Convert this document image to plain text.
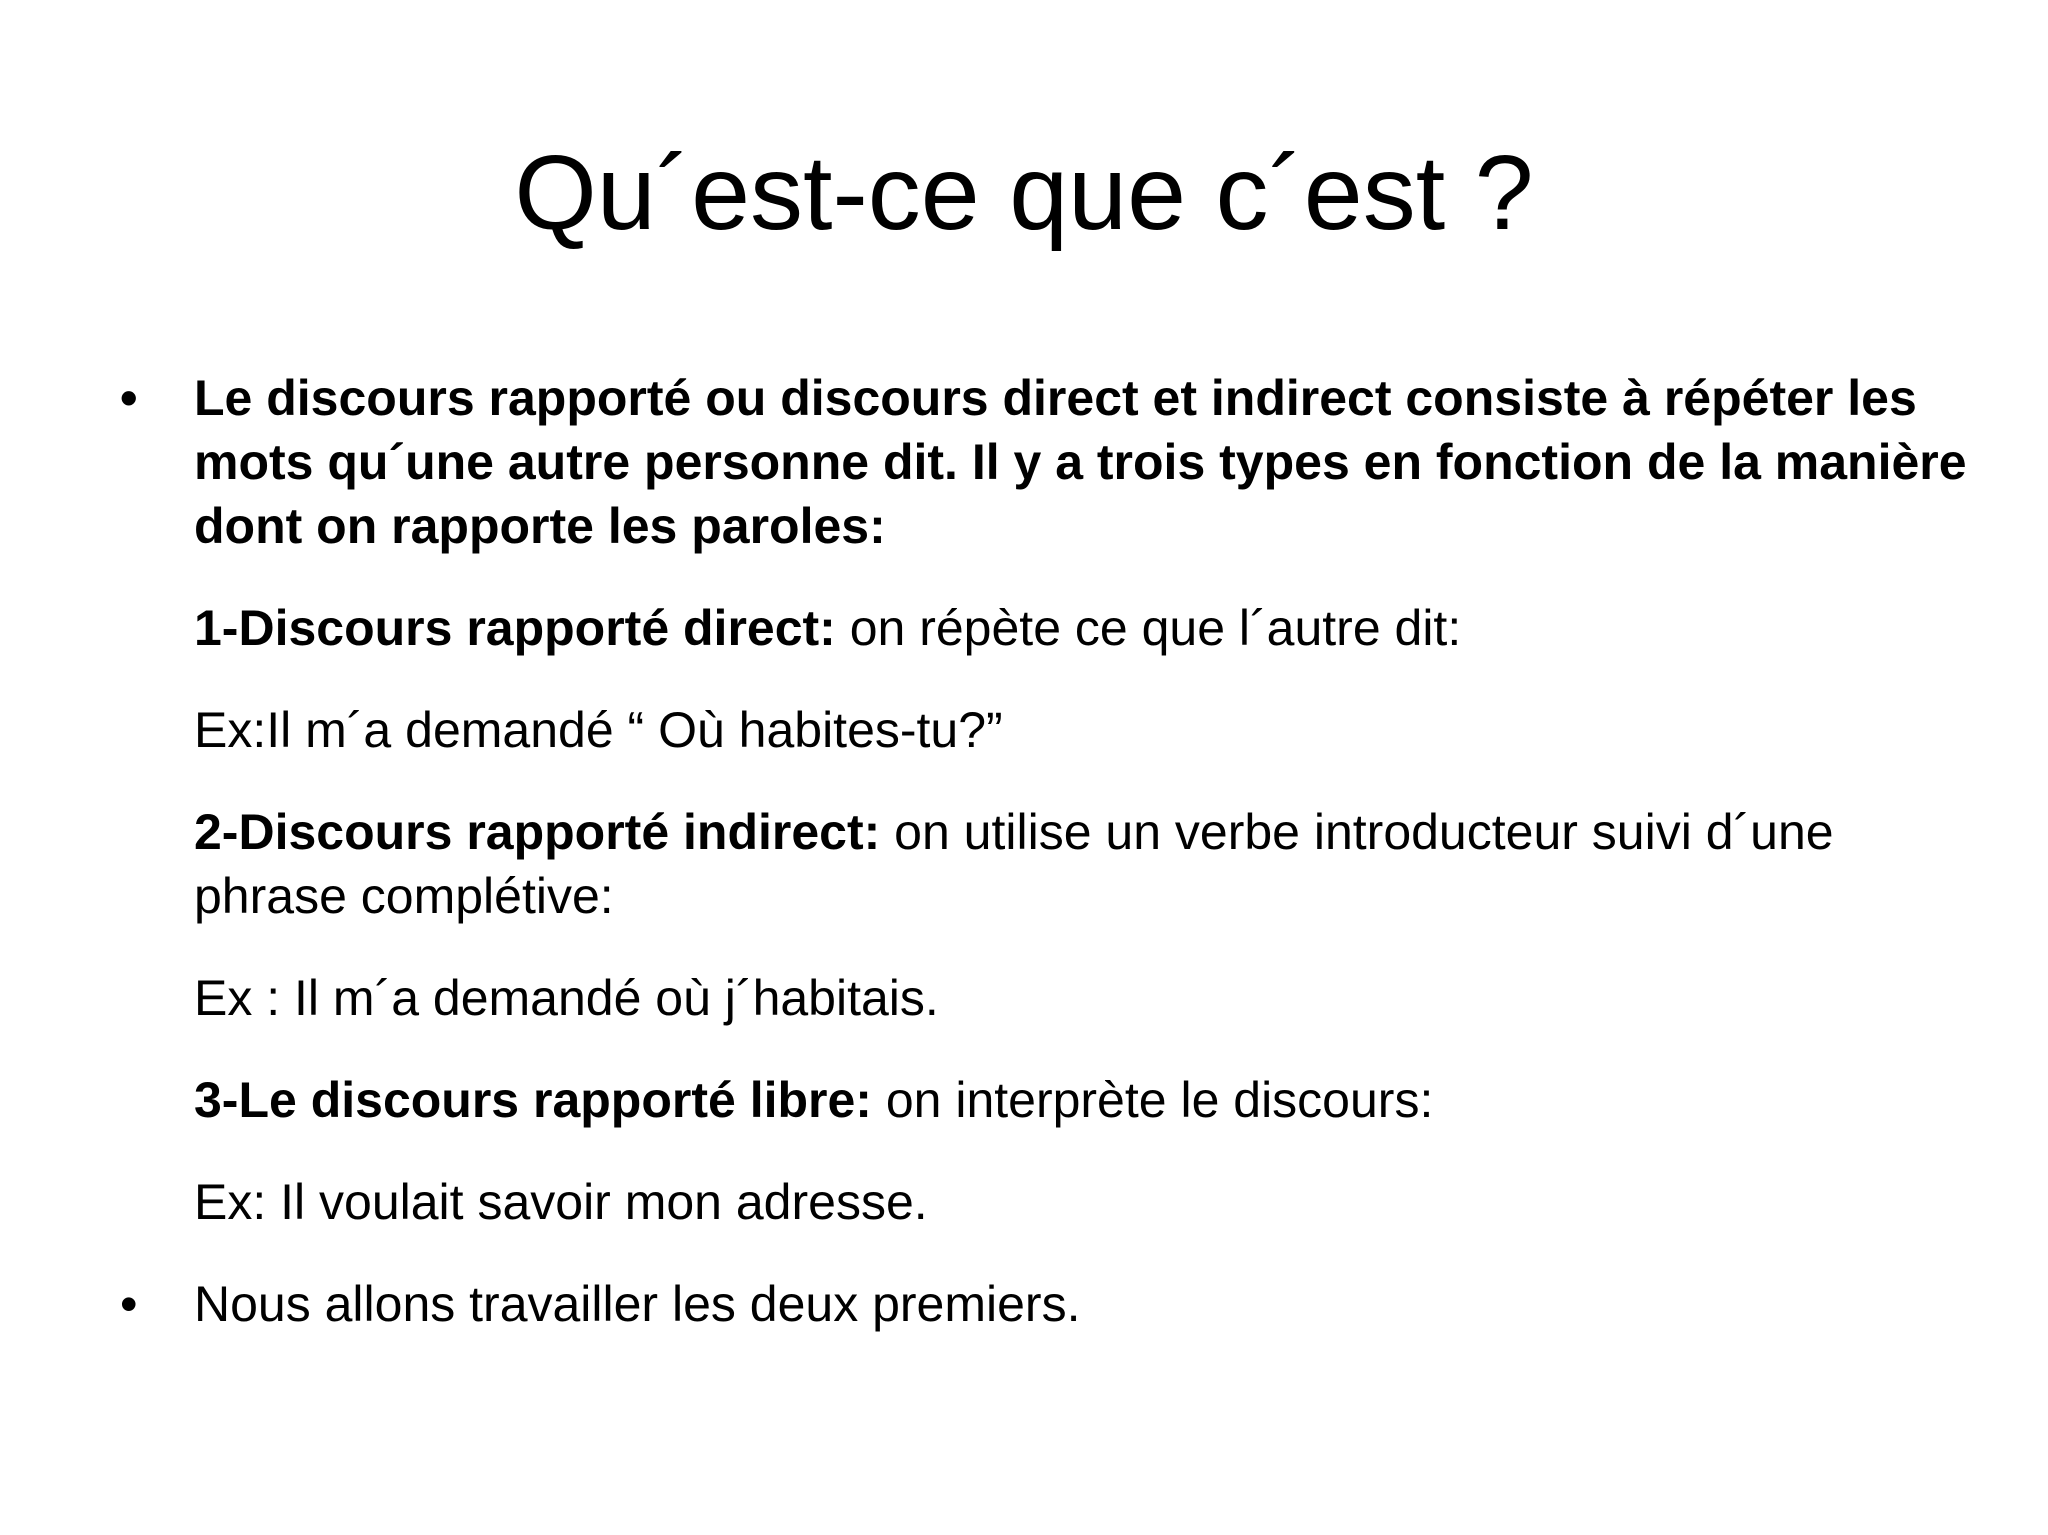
Qu´est-ce que c´est ?

•	Le discours rapporté ou discours direct et indirect consiste à répéter les mots qu´une autre personne dit. Il y a trois types en fonction de la manière dont on rapporte les paroles:

1-Discours rapporté direct: on répète ce que l´autre dit:

Ex:Il m´a demandé “ Où habites-tu?”

2-Discours rapporté indirect: on utilise un verbe introducteur suivi d´une phrase complétive:

Ex : Il m´a demandé où j´habitais.

3-Le discours rapporté libre: on interprète le discours:

Ex: Il voulait savoir mon adresse.

•	Nous allons travailler les deux premiers.
